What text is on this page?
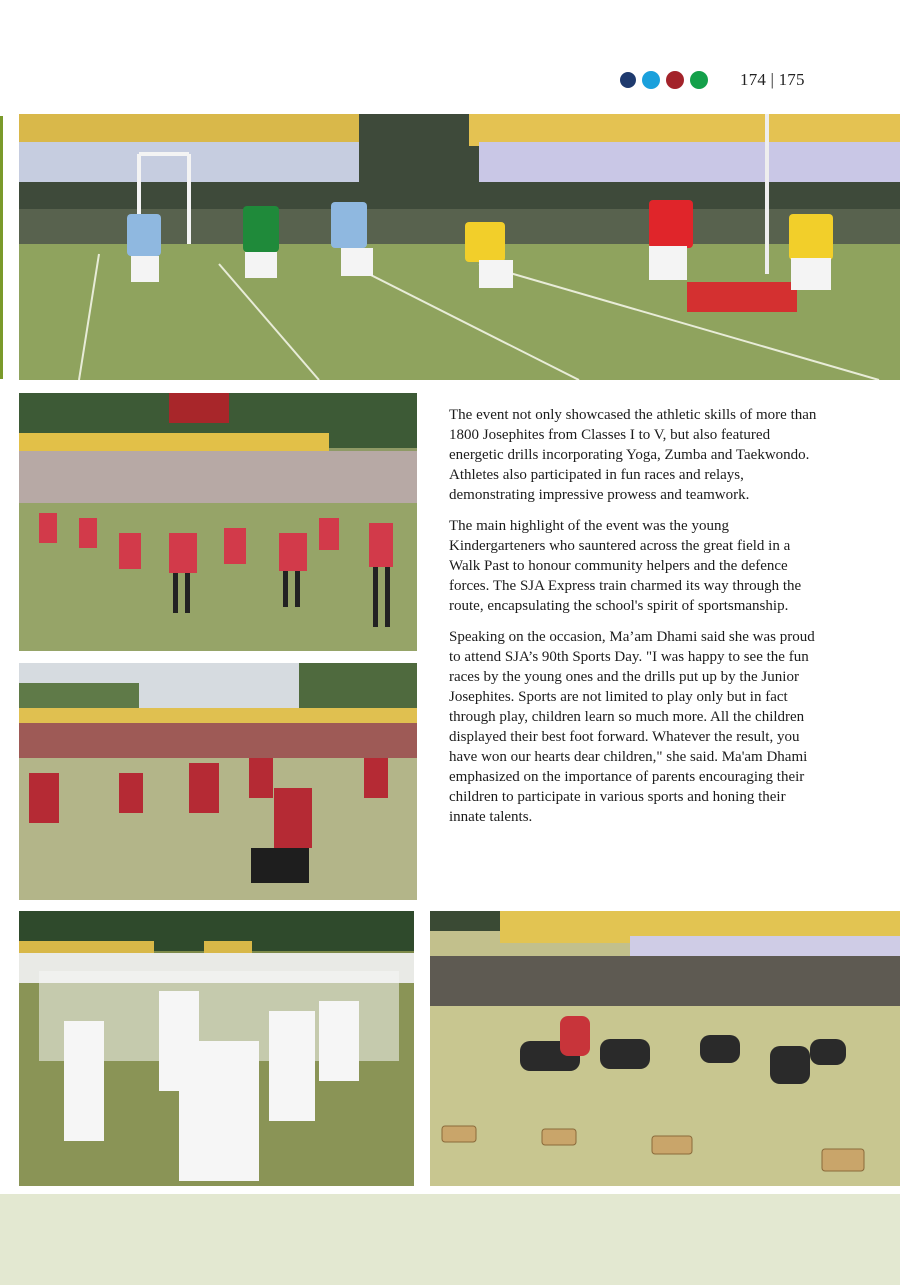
174 | 175

The event not only showcased the athletic skills of more than 1800 Josephites from Classes I to V, but also featured energetic drills incorporating Yoga, Zumba and Taekwondo. Athletes also participated in fun races and relays, demonstrating impressive prowess and teamwork.

The main highlight of the event was the young Kindergarteners who sauntered across the great field in a Walk Past to honour community helpers and the defence forces. The SJA Express train charmed its way through the route, encapsulating the school's spirit of sportsmanship.

Speaking on the occasion, Ma’am Dhami said she was proud to attend SJA’s 90th Sports Day. "I was happy to see the fun races by the young ones and the drills put up by the Junior Josephites. Sports are not limited to play only but in fact through play, children learn so much more. All the children displayed their best foot forward. Whatever the result, you have won our hearts dear children," she said. Ma'am Dhami emphasized on the importance of parents encouraging their children to participate in various sports and honing their innate talents.
